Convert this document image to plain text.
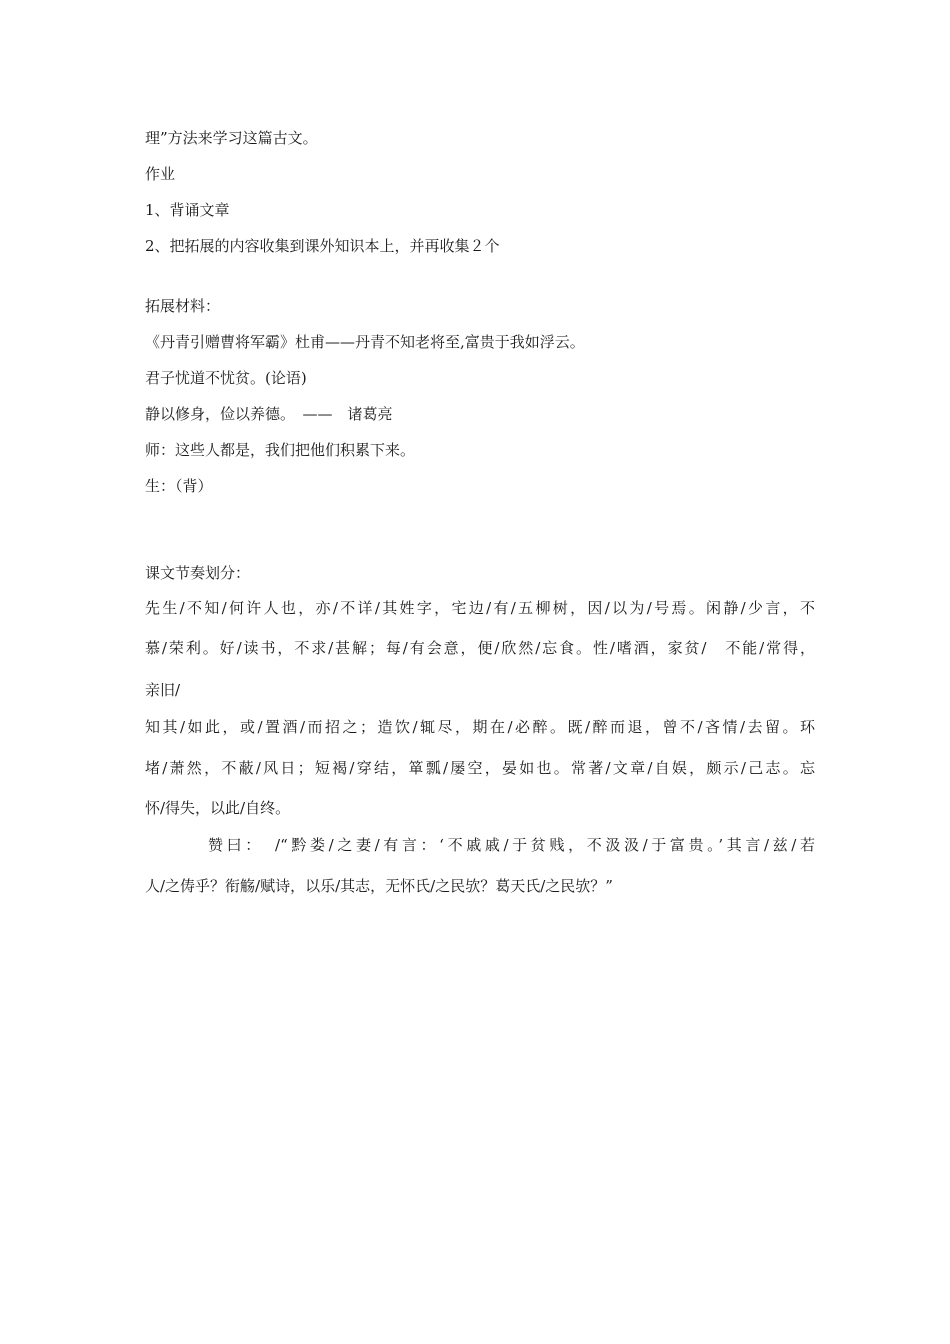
理”方法来学习这篇古文。
作业
1、背诵文章
2、把拓展的内容收集到课外知识本上，并再收集２个
拓展材料：
《丹青引赠曹将军霸》杜甫——丹青不知老将至,富贵于我如浮云。
君子忧道不忧贫。(论语)
静以修身，俭以养德。　——　诸葛亮
师：这些人都是，我们把他们积累下来。
生：（背）
课文节奏划分：
先生/不知/何许人也，亦/不详/其姓字，宅边/有/五柳树，因/以为/号焉。闲静/少言，不
慕/荣利。好/读书，不求/甚解；每/有会意，便/欣然/忘食。性/嗜酒，家贫/　不能/常得，
亲旧/
知其/如此，或/置酒/而招之；造饮/辄尽，期在/必醉。既/醉而退，曾不/吝情/去留。环
堵/萧然，不蔽/风日；短褐/穿结，箪瓢/屡空，晏如也。常著/文章/自娱，颇示/己志。忘
怀/得失，以此/自终。
赞曰：　/“黔娄/之妻/有言：‘不戚戚/于贫贱，不汲汲/于富贵。’其言/兹/若
人/之俦乎？衔觞/赋诗，以乐/其志，无怀氏/之民欤？葛天氏/之民欤？”
